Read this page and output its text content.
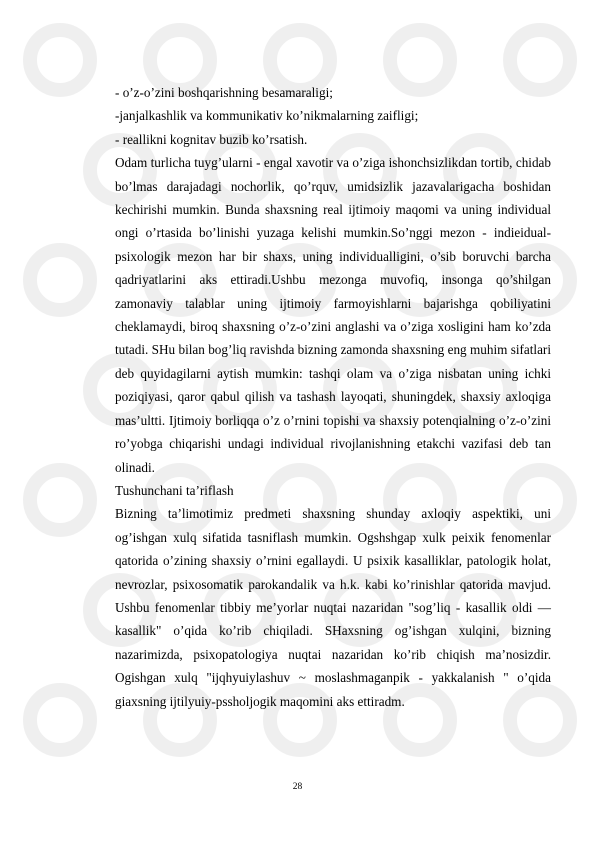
- o’z-o’zini boshqarishning besamaraligi;

-janjalkashlik va kommunikativ ko’nikmalarning zaifligi;

- reallikni kognitav buzib ko’rsatish.

Odam turlicha tuyg’ularni - engal xavotir va o’ziga ishonchsizlikdan tortib, chidab bo’lmas darajadagi nochorlik, qo’rquv, umidsizlik jazavalarigacha boshidan kechirishi mumkin. Bunda shaxsning real ijtimoiy maqomi va uning individual ongi o’rtasida bo’linishi yuzaga kelishi mumkin.So’nggi mezon - indieidual-psixologik mezon har bir shaxs, uning individualligini, o’sib boruvchi barcha qadriyatlarini aks ettiradi.Ushbu mezonga muvofiq, insonga qo’shilgan zamonaviy talablar uning ijtimoiy farmoyishlarni bajarishga qobiliyatini cheklamaydi, biroq shaxsning o’z-o’zini anglashi va o’ziga xosligini ham ko’zda tutadi. SHu bilan bog’liq ravishda bizning zamonda shaxsning eng muhim sifatlari deb quyidagilarni aytish mumkin: tashqi olam va o’ziga nisbatan uning ichki poziqiyasi, qaror qabul qilish va tashash layoqati, shuningdek, shaxsiy axloqiga mas’ultti. Ijtimoiy borliqqa o’z o’rnini topishi va shaxsiy potenqialning o’z-o’zini ro’yobga chiqarishi undagi individual rivojlanishning etakchi vazifasi deb tan olinadi.

Tushunchani ta’riflash

Bizning ta’limotimiz predmeti shaxsning shunday axloqiy aspektiki, uni og’ishgan xulq sifatida tasniflash mumkin. Ogshshgap xulk peixik fenomenlar qatorida o’zining shaxsiy o’rnini egallaydi. U psixik kasalliklar, patologik holat, nevrozlar, psixosomatik parokandalik va h.k. kabi ko’rinishlar qatorida mavjud. Ushbu fenomenlar tibbiy me’yorlar nuqtai nazaridan "sog’liq - kasallik oldi — kasallik" o’qida ko’rib chiqiladi. SHaxsning og’ishgan xulqini, bizning nazarimizda, psixopatologiya nuqtai nazaridan ko’rib chiqish ma’nosizdir. Ogishgan xulq "ijqhyuiylashuv ~ moslashmaganpik - yakkalanish " o’qida giaxsning ijtilyuiy-pssholjogik maqomini aks ettiradm.

28
